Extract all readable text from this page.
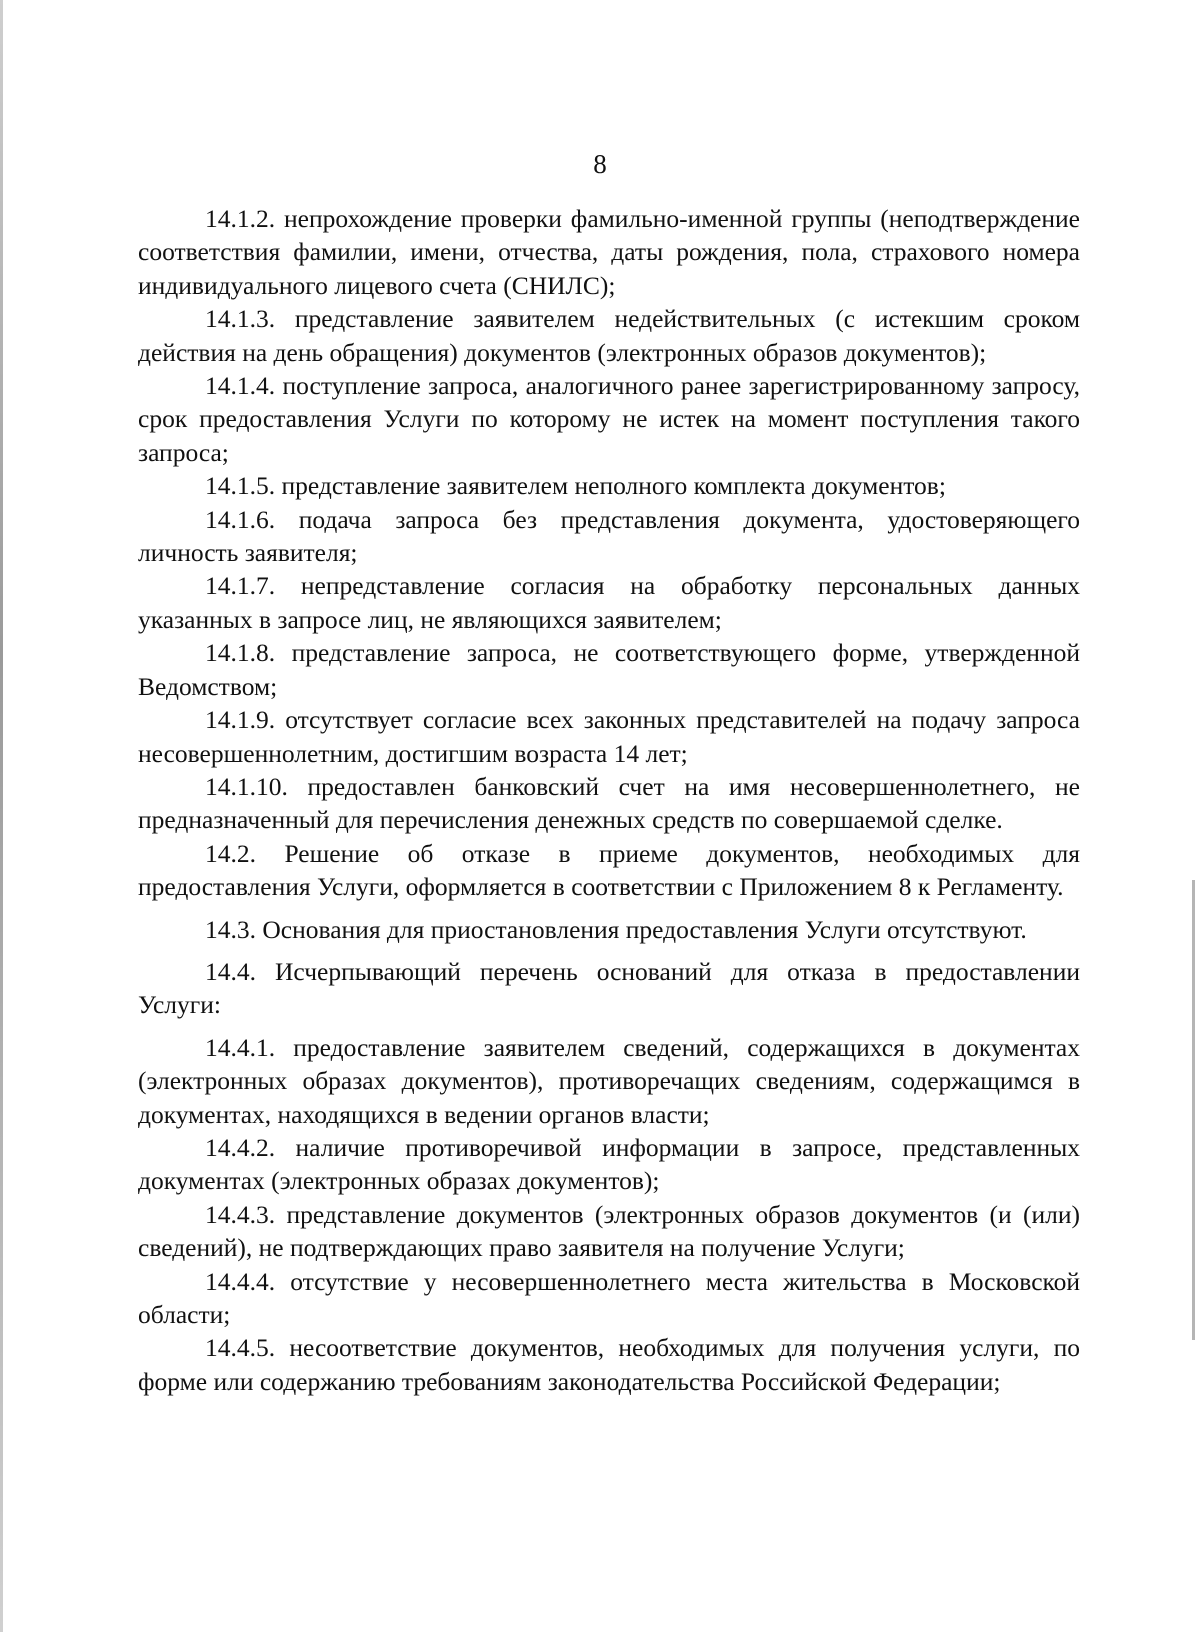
8

14.1.2. непрохождение проверки фамильно-именной группы (неподтверждение соответствия фамилии, имени, отчества, даты рождения, пола, страхового номера индивидуального лицевого счета (СНИЛС);

14.1.3. представление заявителем недействительных (с истекшим сроком действия на день обращения) документов (электронных образов документов);

14.1.4. поступление запроса, аналогичного ранее зарегистрированному запросу, срок предоставления Услуги по которому не истек на момент поступления такого запроса;

14.1.5. представление заявителем неполного комплекта документов;

14.1.6. подача запроса без представления документа, удостоверяющего личность заявителя;

14.1.7. непредставление согласия на обработку персональных данных указанных в запросе лиц, не являющихся заявителем;

14.1.8. представление запроса, не соответствующего форме, утвержденной Ведомством;

14.1.9. отсутствует согласие всех законных представителей на подачу запроса несовершеннолетним, достигшим возраста 14 лет;

14.1.10. предоставлен банковский счет на имя несовершеннолетнего, не предназначенный для перечисления денежных средств по совершаемой сделке.

14.2. Решение об отказе в приеме документов, необходимых для предоставления Услуги, оформляется в соответствии с Приложением 8 к Регламенту.

14.3. Основания для приостановления предоставления Услуги отсутствуют.

14.4. Исчерпывающий перечень оснований для отказа в предоставлении Услуги:

14.4.1. предоставление заявителем сведений, содержащихся в документах (электронных образах документов), противоречащих сведениям, содержащимся в документах, находящихся в ведении органов власти;

14.4.2. наличие противоречивой информации в запросе, представленных документах (электронных образах документов);

14.4.3. представление документов (электронных образов документов (и (или) сведений), не подтверждающих право заявителя на получение Услуги;

14.4.4. отсутствие у несовершеннолетнего места жительства в Московской области;

14.4.5. несоответствие документов, необходимых для получения услуги, по форме или содержанию требованиям законодательства Российской Федерации;
